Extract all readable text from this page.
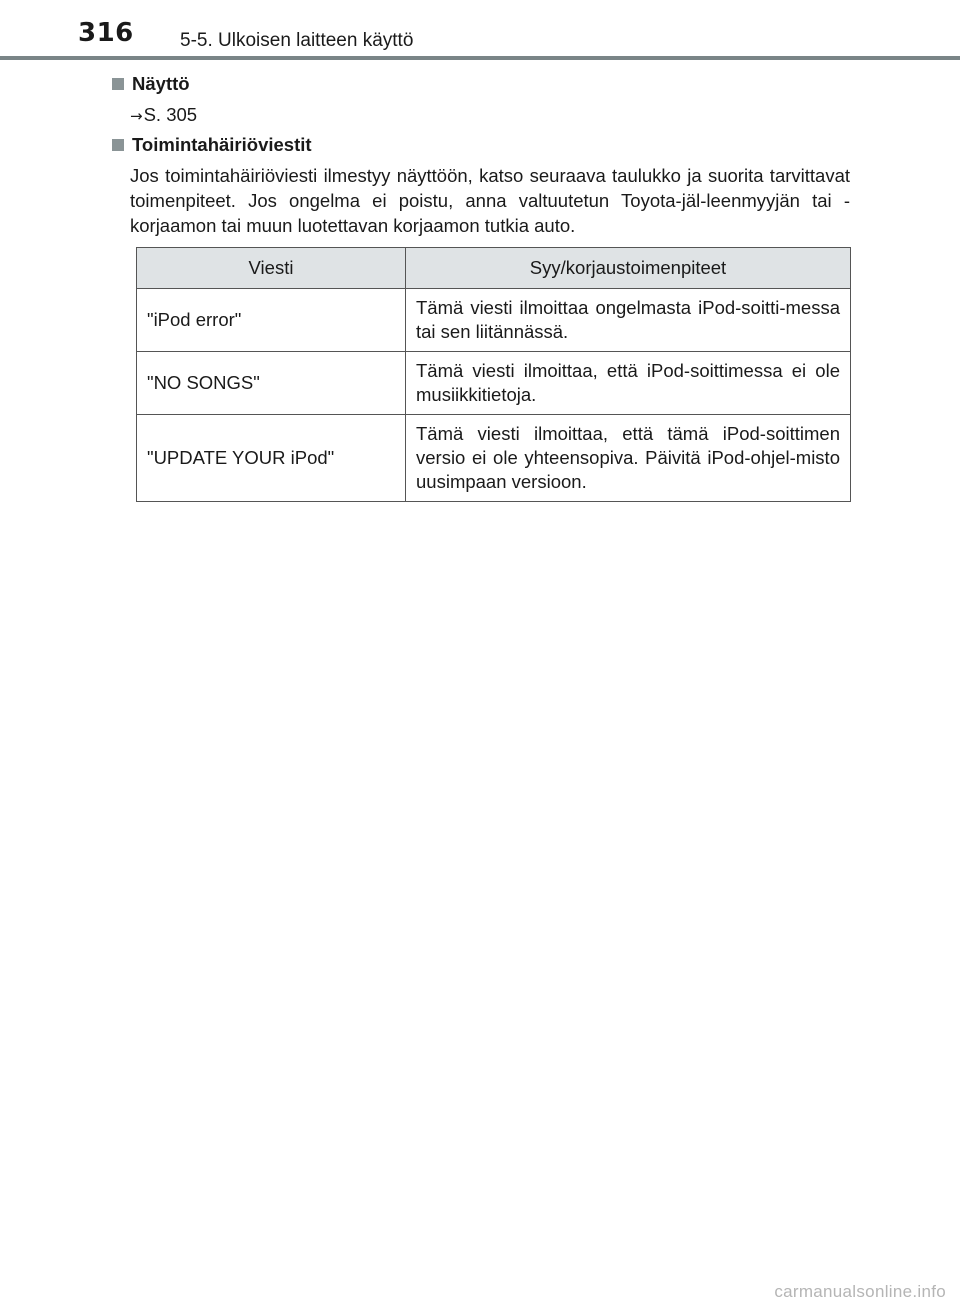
316 5-5. Ulkoisen laitteen käyttö
Näyttö
→S. 305
Toimintahäiriöviestit
Jos toimintahäiriöviesti ilmestyy näyttöön, katso seuraava taulukko ja suorita tarvittavat toimenpiteet. Jos ongelma ei poistu, anna valtuutetun Toyota-jäl-leenmyyjän tai -korjaamon tai muun luotettavan korjaamon tutkia auto.
Viesti	Syy/korjaustoimenpiteet
"iPod error"	Tämä viesti ilmoittaa ongelmasta iPod-soitti-messa tai sen liitännässä.
"NO SONGS"	Tämä viesti ilmoittaa, että iPod-soittimessa ei ole musiikkitietoja.
"UPDATE YOUR iPod"	Tämä viesti ilmoittaa, että tämä iPod-soittimen versio ei ole yhteensopiva. Päivitä iPod-ohjel-misto uusimpaan versioon.
carmanualsonline.info
